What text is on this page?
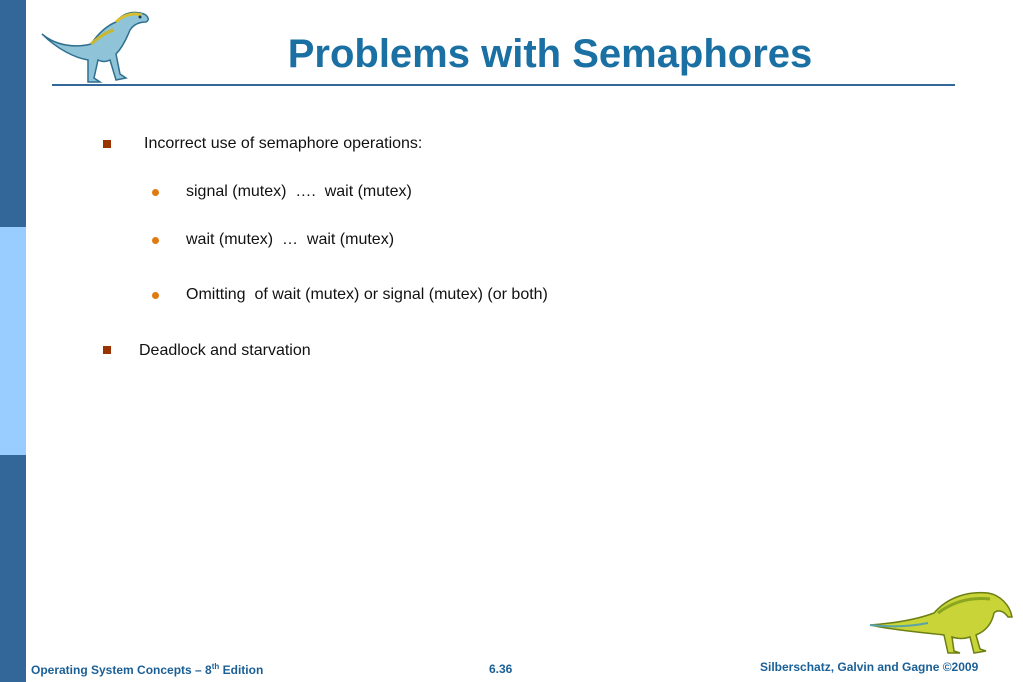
Problems with Semaphores
Incorrect use of semaphore operations:
signal (mutex)  ….  wait (mutex)
wait (mutex)  …  wait (mutex)
Omitting  of wait (mutex) or signal (mutex) (or both)
Deadlock and starvation
Operating System Concepts – 8th Edition	6.36	Silberschatz, Galvin and Gagne ©2009
